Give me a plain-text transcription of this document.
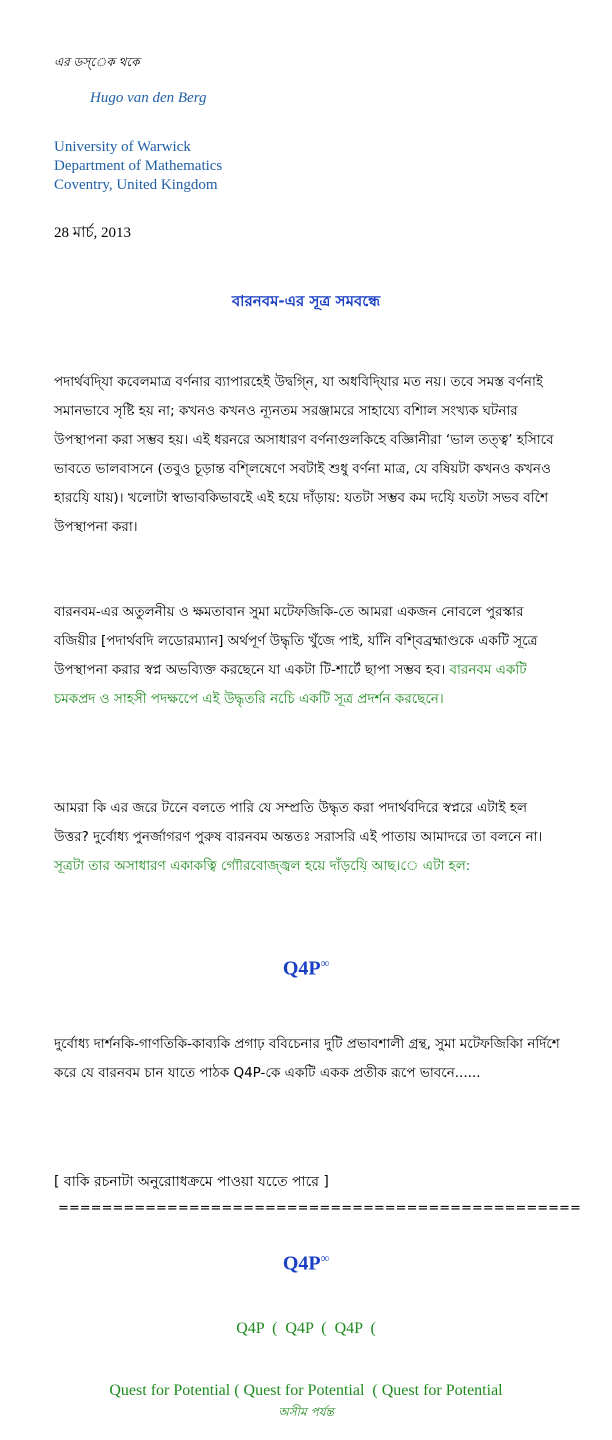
এর ডস্েক থকে
Hugo van den Berg
University of Warwick
Department of Mathematics
Coventry, United Kingdom
28 মার্চ, 2013
বারনবম-এর সূত্র সমবন্ধে
পদার্থবদি্যা কবেলমাত্র বর্ণনার ব্যাপারহেই উদ্বগি্ন, যা অধবিদি্যার মত নয়। তবে সমস্ত বর্ণনাই সমানভাবে সৃষ্টি হয় না; কখনও কখনও ন্যূনতম সরঞ্জামরে সাহায্যে বশিাল সংখ্যক ঘটনার উপস্থাপনা করা সম্ভব হয়। এই ধরনরে অসাধারণ বর্ণনাগুলকিহে বজ্ঞিানীরা ‘ভাল তত্ত্ব’ হসিাবে ভাবতে ভালবাসনে (তবুও চূড়ান্ত বশি্লষেণে সবটাই শুধু বর্ণনা মাত্র, যে বষিয়টা কখনও কখনও হারযি়ে যায়)। খলোটা স্বাভাবকিভাবইে এই হয়ে দাঁড়ায়: যতটা সম্ভব কম দযি়ে যতটা সভব বশেি উপস্থাপনা করা।
বারনবম-এর অতুলনীয় ও ক্ষমতাবান সুমা মটেফজিকি-তে আমরা একজন নােবলে পুরস্কার বজিয়ীর [পদার্থবদি লডোরম্যান] অর্থপূর্ণ উদ্ধৃতি খুঁজে পাই, যনিি বশি্বব্রহ্মাণ্ডকে একটি সূত্রে উপস্থাপনা করার স্বপ্ন অভব্যিক্ত করছেনে যা একটা টি-শার্টে ছাপা সম্ভব হব। বারনবম একটি চমকপ্রদ ও সাহসী পদক্ষপেে এই উদ্ধৃতরি নচিে একটি সূত্র প্রদর্শন করছেনে।
আমরা কি এর জরে টনেে বলতে পারি যে সম্প্রতি উদ্ধৃত করা পদার্থবদিরে স্বপ্নরে এটাই হল উত্তর? দুর্বােধ্য পুনর্জাগরণ পুরুষ বারনবম অন্ততঃ সরাসরি এই পাতায় আমাদরে তা বলনে না। সূত্রটা তার অসাধারণ একাকত্বি গাৌরবােজ্জ্বল হয়ে দাঁড়যি়ে আছ।ে এটা হল:
Q4P∞
দুর্বােধ্য দার্শনকি-গাণতিকি-কাব্যকি প্রগাঢ় ববিচেনার দুটি প্রভাবশালী গ্রন্থ, সুমা মটেফজিকিা নর্দিশে করে যে বারনবম চান যাতে পাঠক Q4P-কে একটি একক প্রতীক রূপে ভাবনে......
[ বাকি রচনাটা অনুরাোধক্রমে পাওয়া যতেে পারে ]
================================================
Q4P∞
Q4P  (  Q4P  (  Q4P  (
Quest for Potential ( Quest for Potential  ( Quest for Potential
অসীম পর্যন্ত
